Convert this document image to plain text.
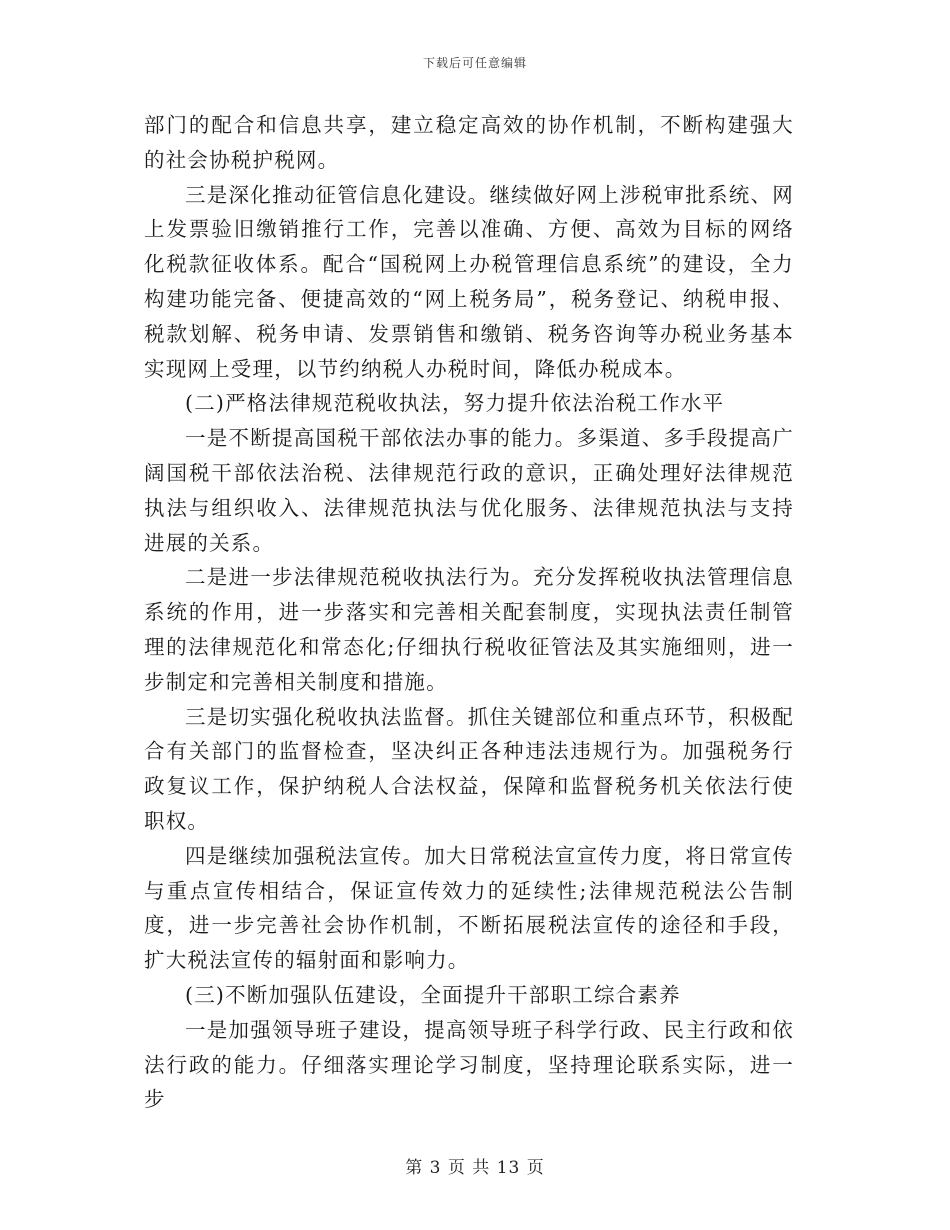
下载后可任意编辑

部门的配合和信息共享，建立稳定高效的协作机制，不断构建强大的社会协税护税网。

三是深化推动征管信息化建设。继续做好网上涉税审批系统、网上发票验旧缴销推行工作，完善以准确、方便、高效为目标的网络化税款征收体系。配合“国税网上办税管理信息系统”的建设，全力构建功能完备、便捷高效的“网上税务局”，税务登记、纳税申报、税款划解、税务申请、发票销售和缴销、税务咨询等办税业务基本实现网上受理，以节约纳税人办税时间，降低办税成本。

(二)严格法律规范税收执法，努力提升依法治税工作水平

一是不断提高国税干部依法办事的能力。多渠道、多手段提高广阔国税干部依法治税、法律规范行政的意识，正确处理好法律规范执法与组织收入、法律规范执法与优化服务、法律规范执法与支持进展的关系。

二是进一步法律规范税收执法行为。充分发挥税收执法管理信息系统的作用，进一步落实和完善相关配套制度，实现执法责任制管理的法律规范化和常态化;仔细执行税收征管法及其实施细则，进一步制定和完善相关制度和措施。

三是切实强化税收执法监督。抓住关键部位和重点环节，积极配合有关部门的监督检查，坚决纠正各种违法违规行为。加强税务行政复议工作，保护纳税人合法权益，保障和监督税务机关依法行使职权。

四是继续加强税法宣传。加大日常税法宣宣传力度，将日常宣传与重点宣传相结合，保证宣传效力的延续性;法律规范税法公告制度，进一步完善社会协作机制，不断拓展税法宣传的途径和手段，扩大税法宣传的辐射面和影响力。

(三)不断加强队伍建设，全面提升干部职工综合素养

一是加强领导班子建设，提高领导班子科学行政、民主行政和依法行政的能力。仔细落实理论学习制度，坚持理论联系实际，进一步

第 3 页 共 13 页
